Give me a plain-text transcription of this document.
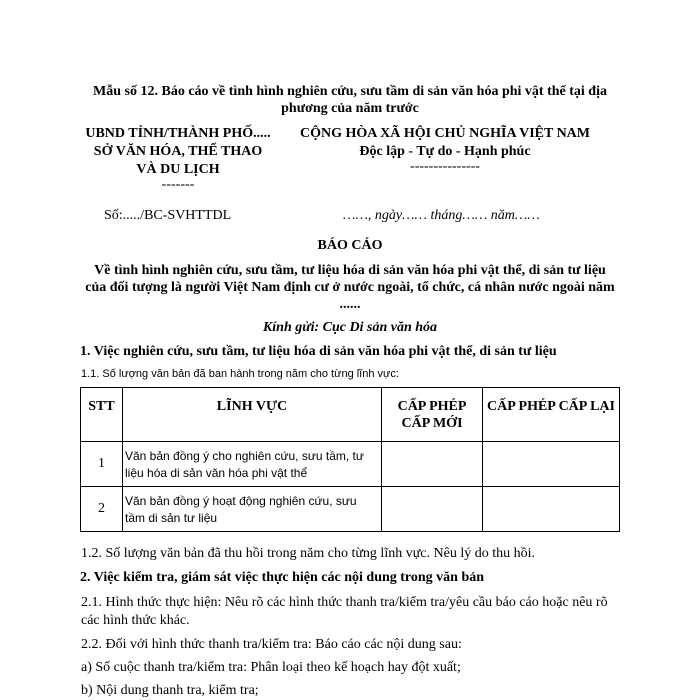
Mẫu số 12. Báo cáo về tình hình nghiên cứu, sưu tầm di sản văn hóa phi vật thể tại địa phương của năm trước
UBND TỈNH/THÀNH PHỐ.....
SỞ VĂN HÓA, THỂ THAO
VÀ DU LỊCH
-------
CỘNG HÒA XÃ HỘI CHỦ NGHĨA VIỆT NAM
Độc lập - Tự do - Hạnh phúc
---------------
Số:...../BC-SVHTTDL	……, ngày…… tháng…… năm……
BÁO CÁO
Về tình hình nghiên cứu, sưu tầm, tư liệu hóa di sản văn hóa phi vật thể, di sản tư liệu của đối tượng là người Việt Nam định cư ở nước ngoài, tổ chức, cá nhân nước ngoài năm ......
Kính gửi: Cục Di sản văn hóa
1. Việc nghiên cứu, sưu tầm, tư liệu hóa di sản văn hóa phi vật thể, di sản tư liệu
1.1. Số lượng văn bản đã ban hành trong năm cho từng lĩnh vực:
STT	LĨNH VỰC	CẤP PHÉP CẤP MỚI	CẤP PHÉP CẤP LẠI
1	Văn bản đồng ý cho nghiên cứu, sưu tầm, tư liệu hóa di sản văn hóa phi vật thể		
2	Văn bản đồng ý hoạt động nghiên cứu, sưu tầm di sản tư liệu		
1.2. Số lượng văn bản đã thu hồi trong năm cho từng lĩnh vực. Nêu lý do thu hồi.
2. Việc kiểm tra, giám sát việc thực hiện các nội dung trong văn bản
2.1. Hình thức thực hiện: Nêu rõ các hình thức thanh tra/kiểm tra/yêu cầu báo cáo hoặc nêu rõ các hình thức khác.
2.2. Đối với hình thức thanh tra/kiểm tra: Báo cáo các nội dung sau:
a) Số cuộc thanh tra/kiểm tra: Phân loại theo kế hoạch hay đột xuất;
b) Nội dung thanh tra, kiểm tra;
